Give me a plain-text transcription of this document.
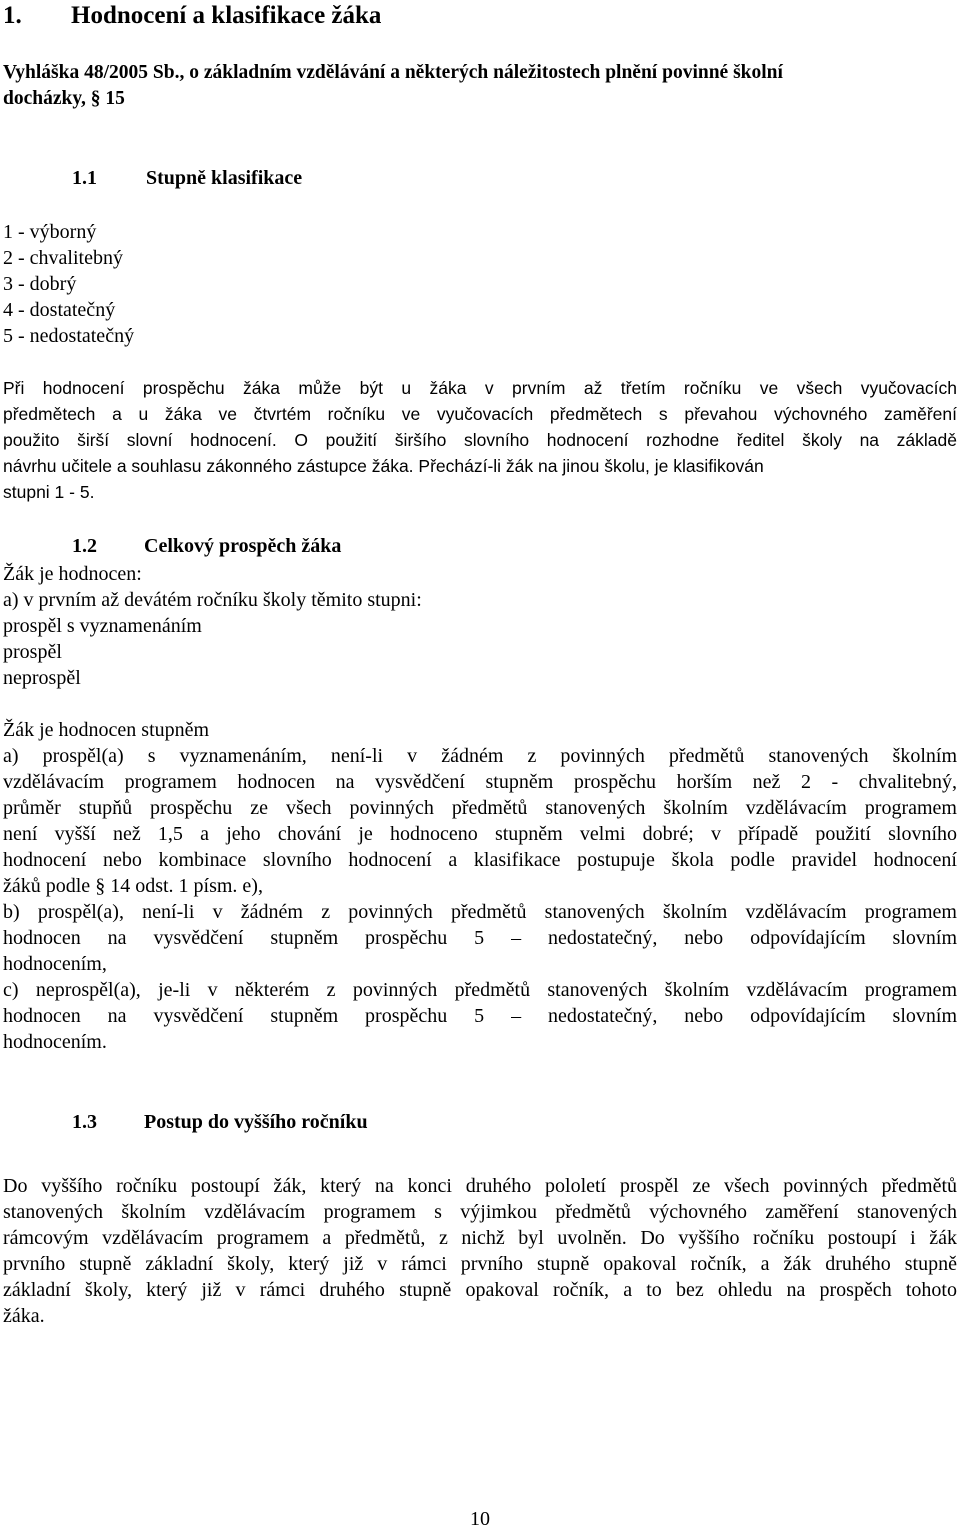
1. Hodnocení a klasifikace žáka

Vyhláška 48/2005 Sb., o základním vzdělávání a některých náležitostech plnění povinné školní

docházky, § 15

1.1 Stupně klasifikace
1 - výborný
2 - chvalitebný
3 - dobrý
4 - dostatečný
5 - nedostatečný
Při hodnocení prospěchu žáka může být u žáka v prvním až třetím ročníku ve všech vyučovacích
předmětech a u žáka ve čtvrtém ročníku ve vyučovacích předmětech s převahou výchovného zaměření
použito širší slovní hodnocení. O použití širšího slovního hodnocení rozhodne ředitel školy na základě
návrhu učitele a souhlasu zákonného zástupce žáka. Přechází-li žák na jinou školu, je klasifikován
stupni 1 - 5.
1.2 Celkový prospěch žáka
Žák je hodnocen:
a) v prvním až devátém ročníku školy těmito stupni:
prospěl s vyznamenáním
prospěl
neprospěl
Žák je hodnocen stupněm
a) prospěl(a) s vyznamenáním, není-li v žádném z povinných předmětů stanovených školním
vzdělávacím programem hodnocen na vysvědčení stupněm prospěchu horším než 2 - chvalitebný,
průměr stupňů prospěchu ze všech povinných předmětů stanovených školním vzdělávacím programem
není vyšší než 1,5 a jeho chování je hodnoceno stupněm velmi dobré; v případě použití slovního
hodnocení nebo kombinace slovního hodnocení a klasifikace postupuje škola podle pravidel hodnocení
žáků podle § 14 odst. 1 písm. e),
b) prospěl(a), není-li v žádném z povinných předmětů stanovených školním vzdělávacím programem
hodnocen na vysvědčení stupněm prospěchu 5 – nedostatečný, nebo odpovídajícím slovním
hodnocením,
c) neprospěl(a), je-li v některém z povinných předmětů stanovených školním vzdělávacím programem
hodnocen na vysvědčení stupněm prospěchu 5 – nedostatečný, nebo odpovídajícím slovním
hodnocením.
1.3 Postup do vyššího ročníku
Do vyššího ročníku postoupí žák, který na konci druhého pololetí prospěl ze všech povinných předmětů
stanovených školním vzdělávacím programem s výjimkou předmětů výchovného zaměření stanovených
rámcovým vzdělávacím programem a předmětů, z nichž byl uvolněn. Do vyššího ročníku postoupí i žák
prvního stupně základní školy, který již v rámci prvního stupně opakoval ročník, a žák druhého stupně
základní školy, který již v rámci druhého stupně opakoval ročník, a to bez ohledu na prospěch tohoto
žáka.
10
